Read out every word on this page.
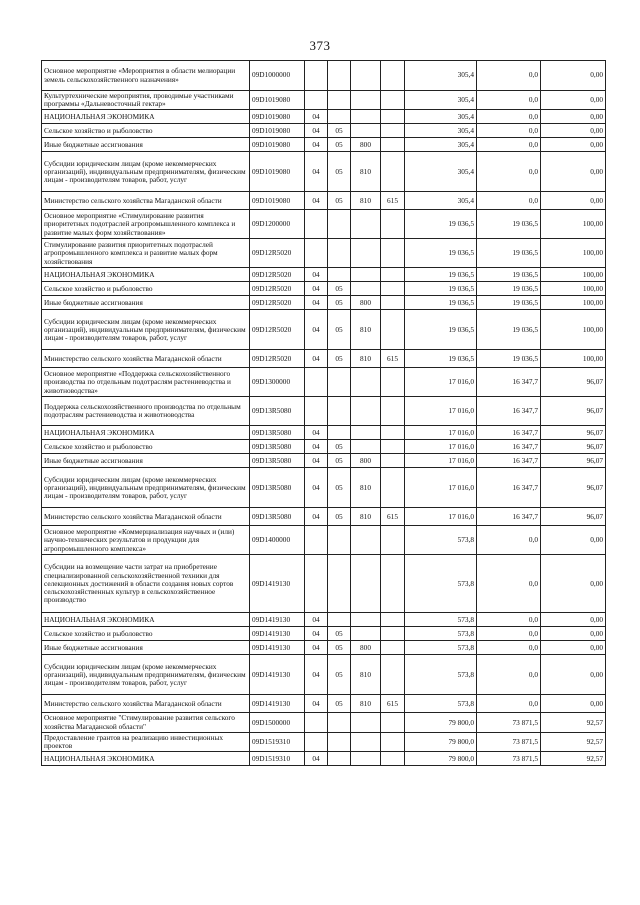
373
Основное мероприятие «Мероприятия в области мелиорации земель сельскохозяйственного назначения»	09D1000000					305,4	0,0	0,00
Культуртехнические мероприятия, проводимые участниками программы «Дальневосточный гектар»	09D1019080					305,4	0,0	0,00
НАЦИОНАЛЬНАЯ ЭКОНОМИКА	09D1019080	04				305,4	0,0	0,00
Сельское хозяйство и рыболовство	09D1019080	04	05			305,4	0,0	0,00
Иные бюджетные ассигнования	09D1019080	04	05	800		305,4	0,0	0,00
Субсидии юридическим лицам (кроме некоммерческих организаций), индивидуальным предпринимателям, физическим лицам - производителям товаров, работ, услуг	09D1019080	04	05	810		305,4	0,0	0,00
Министерство сельского хозяйства Магаданской области	09D1019080	04	05	810	615	305,4	0,0	0,00
Основное мероприятие «Стимулирование развития приоритетных подотраслей агропромышленного комплекса и развитие малых форм хозяйствования»	09D1200000					19 036,5	19 036,5	100,00
Стимулирование развития приоритетных подотраслей агропромышленного комплекса и развитие малых форм хозяйствования	09D12R5020					19 036,5	19 036,5	100,00
НАЦИОНАЛЬНАЯ ЭКОНОМИКА	09D12R5020	04				19 036,5	19 036,5	100,00
Сельское хозяйство и рыболовство	09D12R5020	04	05			19 036,5	19 036,5	100,00
Иные бюджетные ассигнования	09D12R5020	04	05	800		19 036,5	19 036,5	100,00
Субсидии юридическим лицам (кроме некоммерческих организаций), индивидуальным предпринимателям, физическим лицам - производителям товаров, работ, услуг	09D12R5020	04	05	810		19 036,5	19 036,5	100,00
Министерство сельского хозяйства Магаданской области	09D12R5020	04	05	810	615	19 036,5	19 036,5	100,00
Основное мероприятие «Поддержка сельскохозяйственного производства по отдельным подотраслям растениеводства и животноводства»	09D1300000					17 016,0	16 347,7	96,07
Поддержка сельскохозяйственного производства по отдельным подотраслям растениеводства и животноводства	09D13R5080					17 016,0	16 347,7	96,07
НАЦИОНАЛЬНАЯ ЭКОНОМИКА	09D13R5080	04				17 016,0	16 347,7	96,07
Сельское хозяйство и рыболовство	09D13R5080	04	05			17 016,0	16 347,7	96,07
Иные бюджетные ассигнования	09D13R5080	04	05	800		17 016,0	16 347,7	96,07
Субсидии юридическим лицам (кроме некоммерческих организаций), индивидуальным предпринимателям, физическим лицам - производителям товаров, работ, услуг	09D13R5080	04	05	810		17 016,0	16 347,7	96,07
Министерство сельского хозяйства Магаданской области	09D13R5080	04	05	810	615	17 016,0	16 347,7	96,07
Основное мероприятие «Коммерциализация научных и (или) научно-технических результатов и продукции для агропромышленного комплекса»	09D1400000					573,8	0,0	0,00
Субсидии на возмещение части затрат на приобретение специализированной сельскохозяйственной техники для селекционных достижений в области создания новых сортов сельскохозяйственных культур в сельскохозяйственное производство	09D1419130					573,8	0,0	0,00
НАЦИОНАЛЬНАЯ ЭКОНОМИКА	09D1419130	04				573,8	0,0	0,00
Сельское хозяйство и рыболовство	09D1419130	04	05			573,8	0,0	0,00
Иные бюджетные ассигнования	09D1419130	04	05	800		573,8	0,0	0,00
Субсидии юридическим лицам (кроме некоммерческих организаций), индивидуальным предпринимателям, физическим лицам - производителям товаров, работ, услуг	09D1419130	04	05	810		573,8	0,0	0,00
Министерство сельского хозяйства Магаданской области	09D1419130	04	05	810	615	573,8	0,0	0,00
Основное мероприятие "Стимулирование развития сельского хозяйства Магаданской области"	09D1500000					79 800,0	73 871,5	92,57
Предоставление грантов на реализацию инвестиционных проектов	09D1519310					79 800,0	73 871,5	92,57
НАЦИОНАЛЬНАЯ ЭКОНОМИКА	09D1519310	04				79 800,0	73 871,5	92,57
